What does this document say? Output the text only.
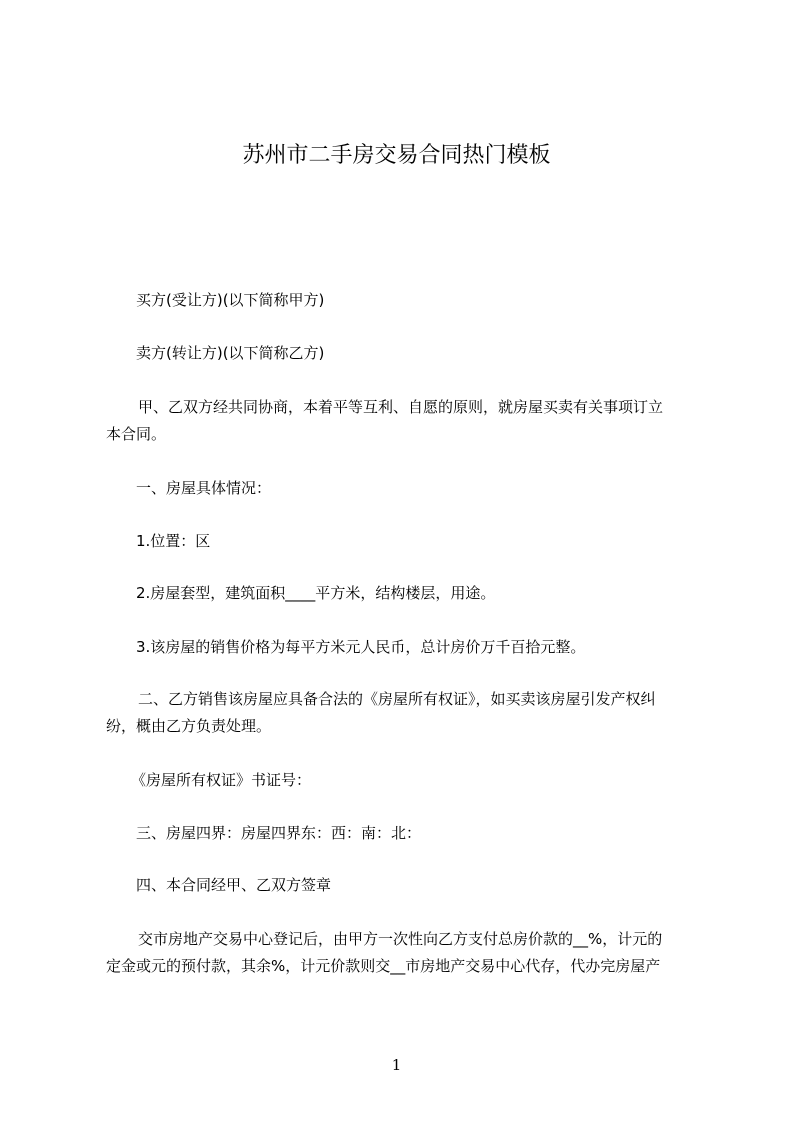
苏州市二手房交易合同热门模板

买方(受让方)(以下简称甲方)

卖方(转让方)(以下简称乙方)

甲、乙双方经共同协商，本着平等互利、自愿的原则，就房屋买卖有关事项订立
本合同。

一、房屋具体情况：

1.位置：区

2.房屋套型，建筑面积____平方米，结构楼层，用途。

3.该房屋的销售价格为每平方米元人民币，总计房价万千百拾元整。

二、乙方销售该房屋应具备合法的《房屋所有权证》，如买卖该房屋引发产权纠
纷，概由乙方负责处理。

《房屋所有权证》书证号：

三、房屋四界：房屋四界东：西：南：北：

四、本合同经甲、乙双方签章

交市房地产交易中心登记后，由甲方一次性向乙方支付总房价款的__%，计元的
定金或元的预付款，其余%，计元价款则交__市房地产交易中心代存，代办完房屋产
1
